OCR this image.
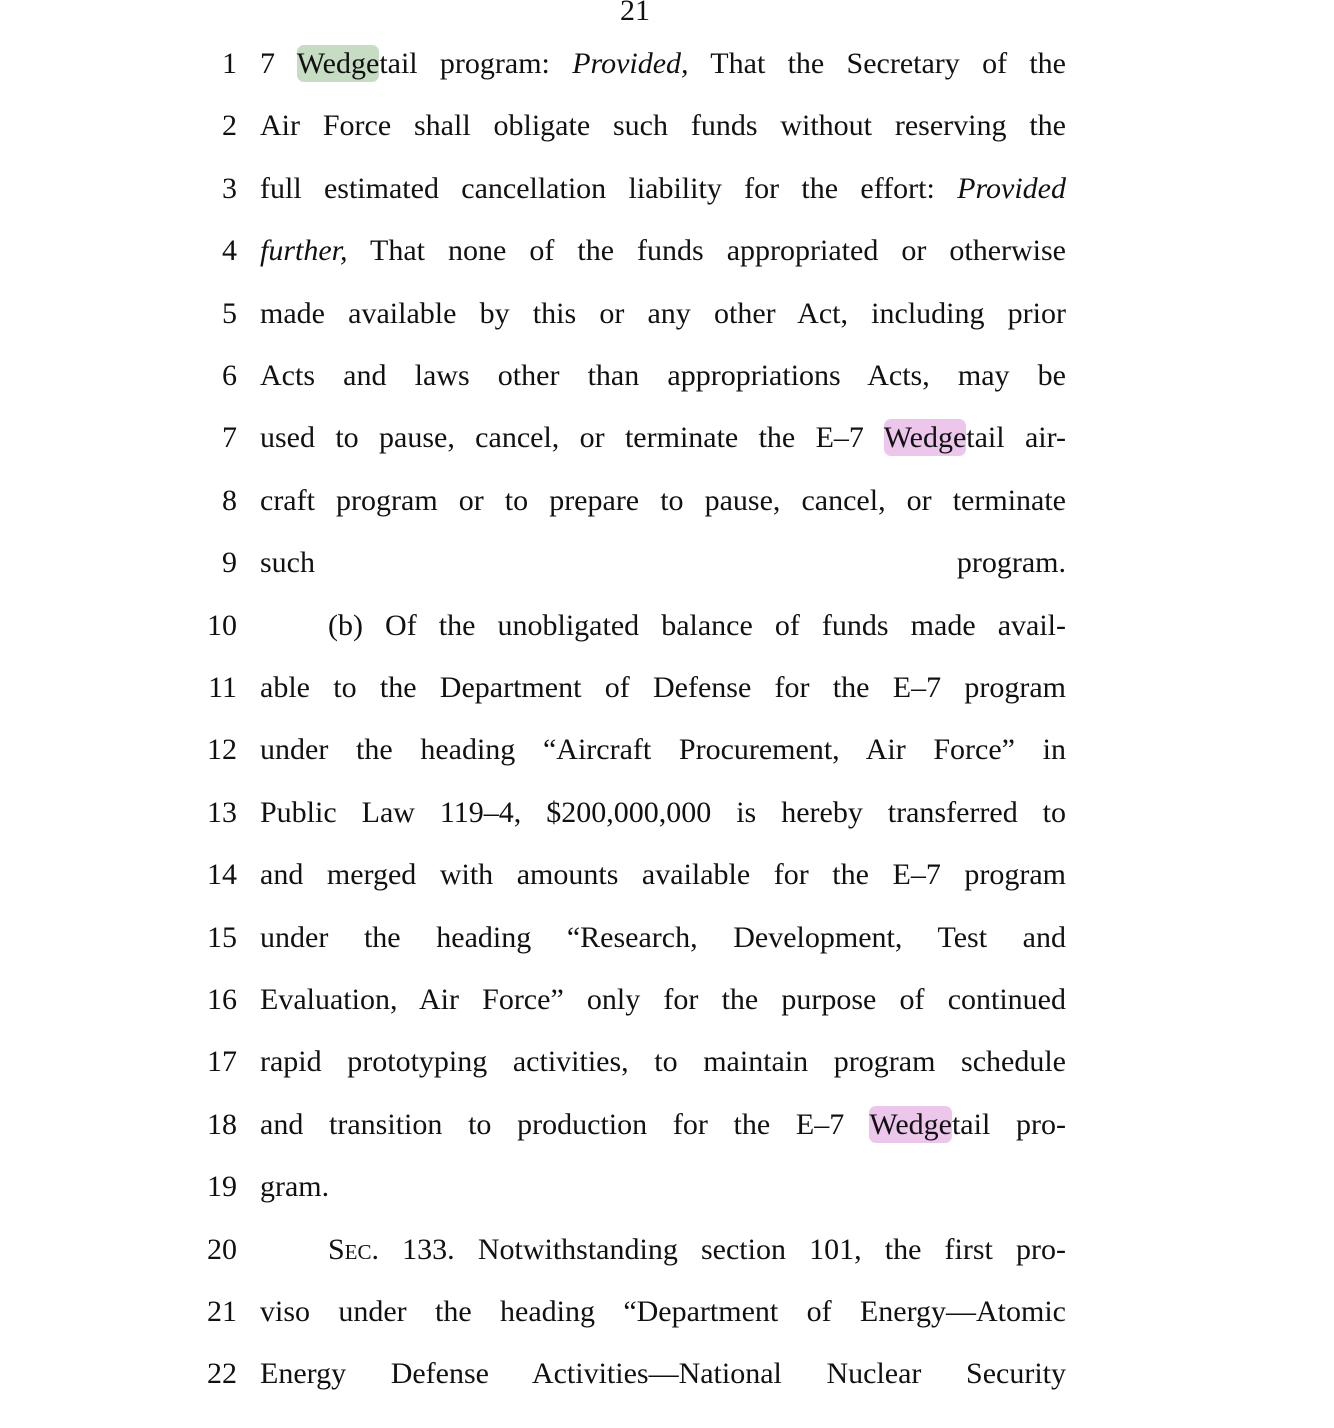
21
1 7 Wedgetail program: Provided, That the Secretary of the
2 Air Force shall obligate such funds without reserving the
3 full estimated cancellation liability for the effort: Provided
4 further, That none of the funds appropriated or otherwise
5 made available by this or any other Act, including prior
6 Acts and laws other than appropriations Acts, may be
7 used to pause, cancel, or terminate the E–7 Wedgetail air-
8 craft program or to prepare to pause, cancel, or terminate
9 such program.
10	(b) Of the unobligated balance of funds made avail-
11 able to the Department of Defense for the E–7 program
12 under the heading “Aircraft Procurement, Air Force” in
13 Public Law 119–4, $200,000,000 is hereby transferred to
14 and merged with amounts available for the E–7 program
15 under the heading “Research, Development, Test and
16 Evaluation, Air Force” only for the purpose of continued
17 rapid prototyping activities, to maintain program schedule
18 and transition to production for the E–7 Wedgetail pro-
19 gram.
20	Sec. 133. Notwithstanding section 101, the first pro-
21 viso under the heading “Department of Energy—Atomic
22 Energy Defense Activities—National Nuclear Security
